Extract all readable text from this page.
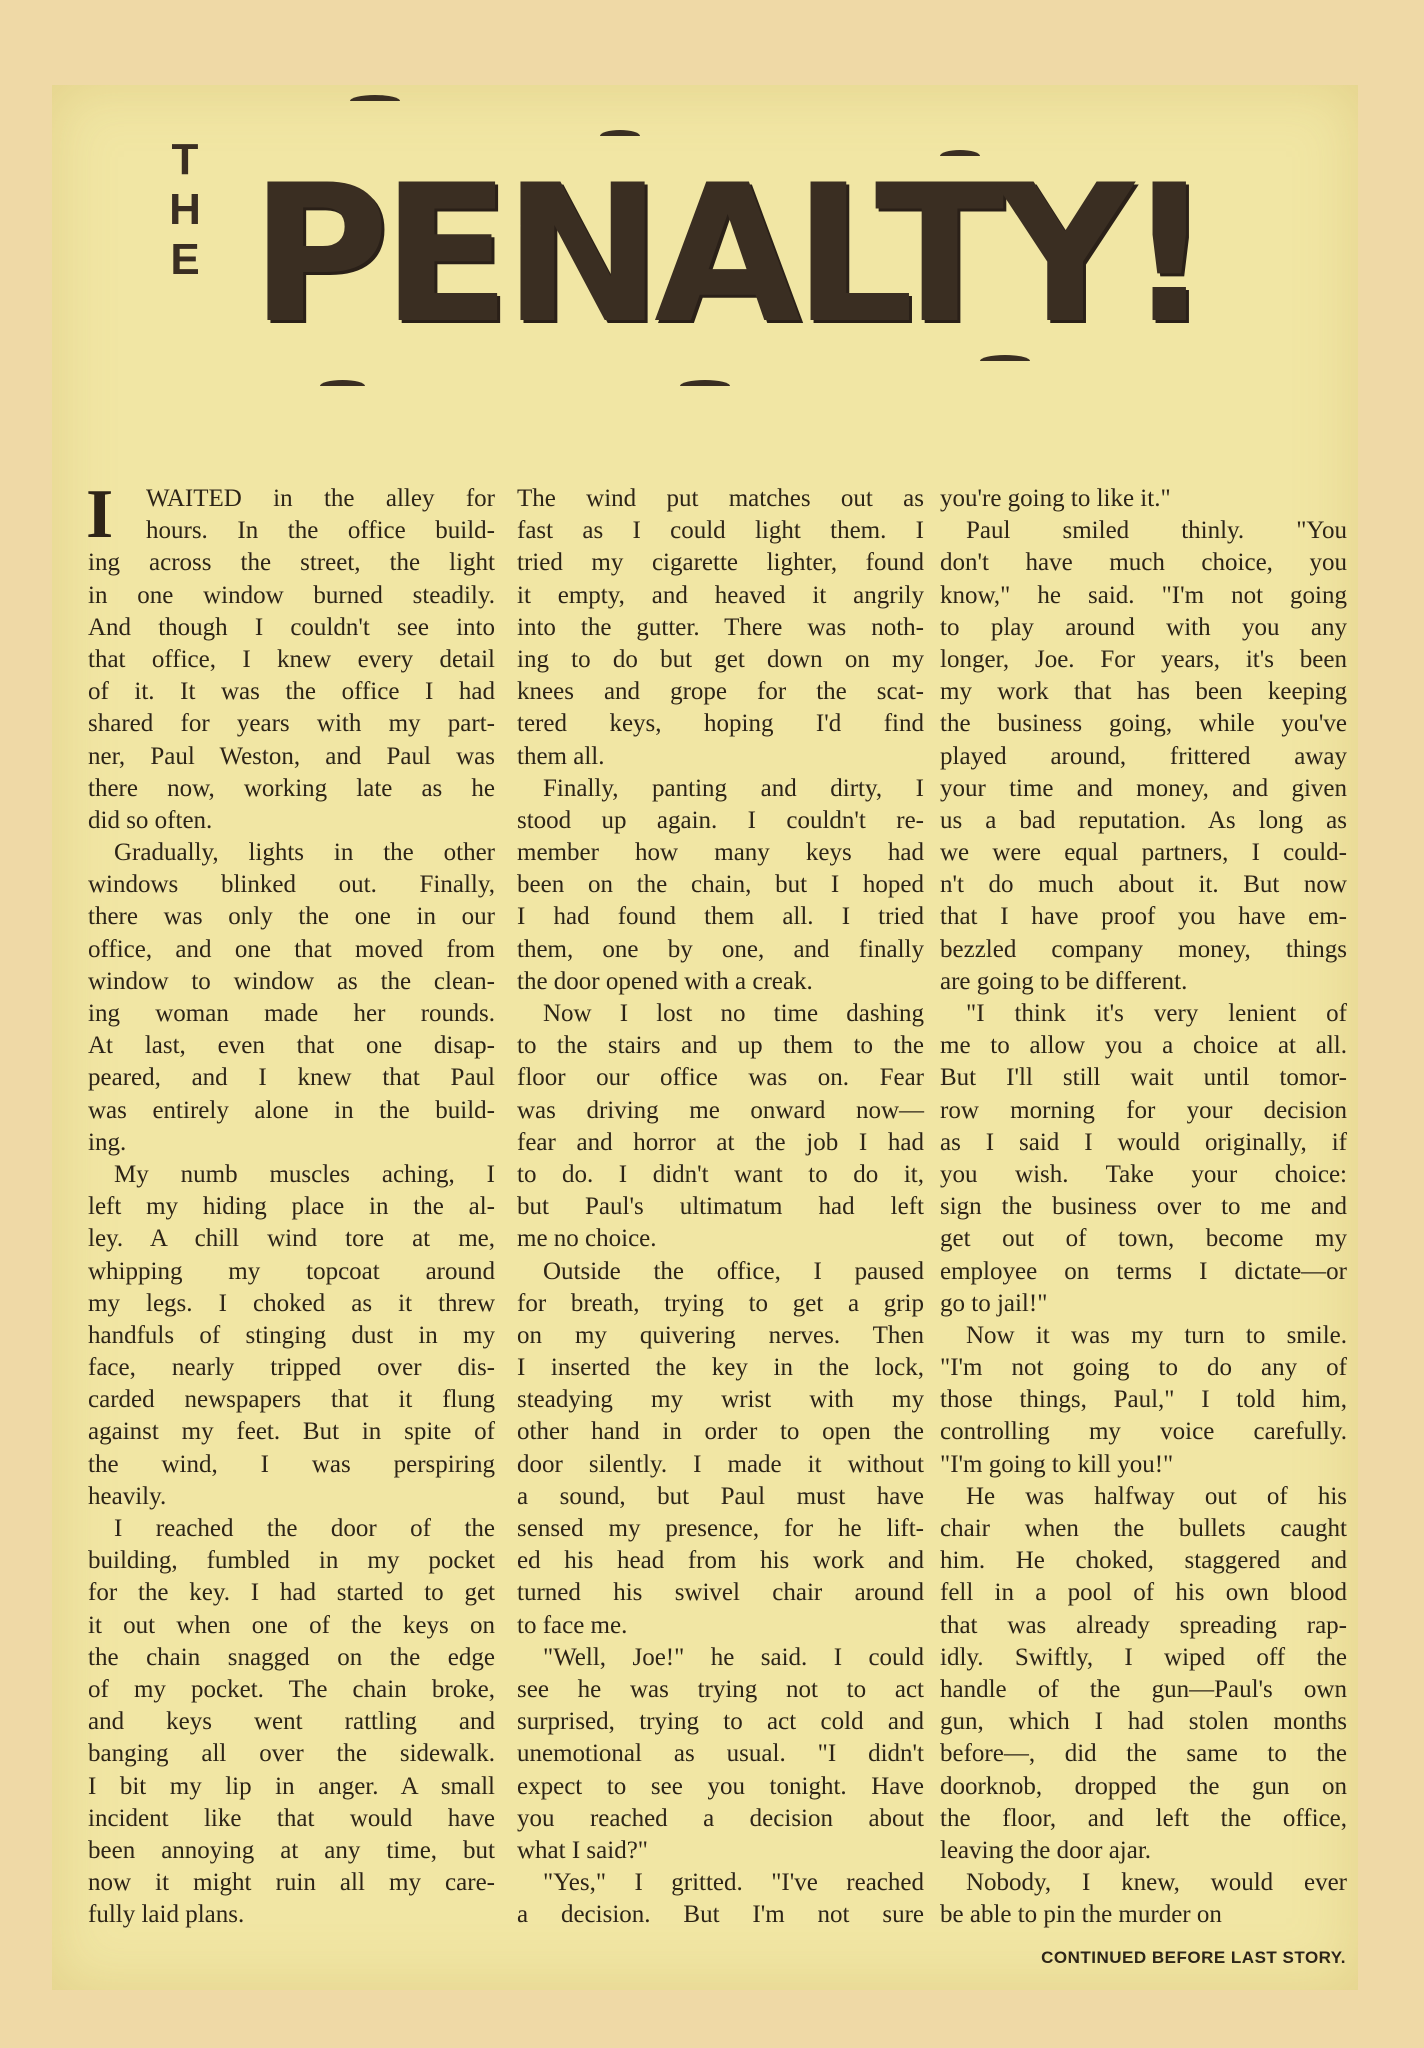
T
H
E PENALTY!
I	WAITED in the alley for
hours. In the office build-
ing across the street, the light
in one window burned steadily.
And though I couldn't see into
that office, I knew every detail
of it. It was the office I had
shared for years with my part-
ner, Paul Weston, and Paul was
there now, working late as he
did so often.
Gradually, lights in the other
windows blinked out. Finally,
there was only the one in our
office, and one that moved from
window to window as the clean-
ing woman made her rounds.
At last, even that one disap-
peared, and I knew that Paul
was entirely alone in the build-
ing.
My numb muscles aching, I
left my hiding place in the al-
ley. A chill wind tore at me,
whipping my topcoat around
my legs. I choked as it threw
handfuls of stinging dust in my
face, nearly tripped over dis-
carded newspapers that it flung
against my feet. But in spite of
the wind, I was perspiring
heavily.
I reached the door of the
building, fumbled in my pocket
for the key. I had started to get
it out when one of the keys on
the chain snagged on the edge
of my pocket. The chain broke,
and keys went rattling and
banging all over the sidewalk.
I bit my lip in anger. A small
incident like that would have
been annoying at any time, but
now it might ruin all my care-
fully laid plans.
The wind put matches out as
fast as I could light them. I
tried my cigarette lighter, found
it empty, and heaved it angrily
into the gutter. There was noth-
ing to do but get down on my
knees and grope for the scat-
tered keys, hoping I'd find
them all.
Finally, panting and dirty, I
stood up again. I couldn't re-
member how many keys had
been on the chain, but I hoped
I had found them all. I tried
them, one by one, and finally
the door opened with a creak.
Now I lost no time dashing
to the stairs and up them to the
floor our office was on. Fear
was driving me onward now—
fear and horror at the job I had
to do. I didn't want to do it,
but Paul's ultimatum had left
me no choice.
Outside the office, I paused
for breath, trying to get a grip
on my quivering nerves. Then
I inserted the key in the lock,
steadying my wrist with my
other hand in order to open the
door silently. I made it without
a sound, but Paul must have
sensed my presence, for he lift-
ed his head from his work and
turned his swivel chair around
to face me.
"Well, Joe!" he said. I could
see he was trying not to act
surprised, trying to act cold and
unemotional as usual. "I didn't
expect to see you tonight. Have
you reached a decision about
what I said?"
"Yes," I gritted. "I've reached
a decision. But I'm not sure
you're going to like it."
Paul smiled thinly. "You
don't have much choice, you
know," he said. "I'm not going
to play around with you any
longer, Joe. For years, it's been
my work that has been keeping
the business going, while you've
played around, frittered away
your time and money, and given
us a bad reputation. As long as
we were equal partners, I could-
n't do much about it. But now
that I have proof you have em-
bezzled company money, things
are going to be different.
"I think it's very lenient of
me to allow you a choice at all.
But I'll still wait until tomor-
row morning for your decision
as I said I would originally, if
you wish. Take your choice:
sign the business over to me and
get out of town, become my
employee on terms I dictate—or
go to jail!"
Now it was my turn to smile.
"I'm not going to do any of
those things, Paul," I told him,
controlling my voice carefully.
"I'm going to kill you!"
He was halfway out of his
chair when the bullets caught
him. He choked, staggered and
fell in a pool of his own blood
that was already spreading rap-
idly. Swiftly, I wiped off the
handle of the gun—Paul's own
gun, which I had stolen months
before—, did the same to the
doorknob, dropped the gun on
the floor, and left the office,
leaving the door ajar.
Nobody, I knew, would ever
be able to pin the murder on
CONTINUED BEFORE LAST STORY.
